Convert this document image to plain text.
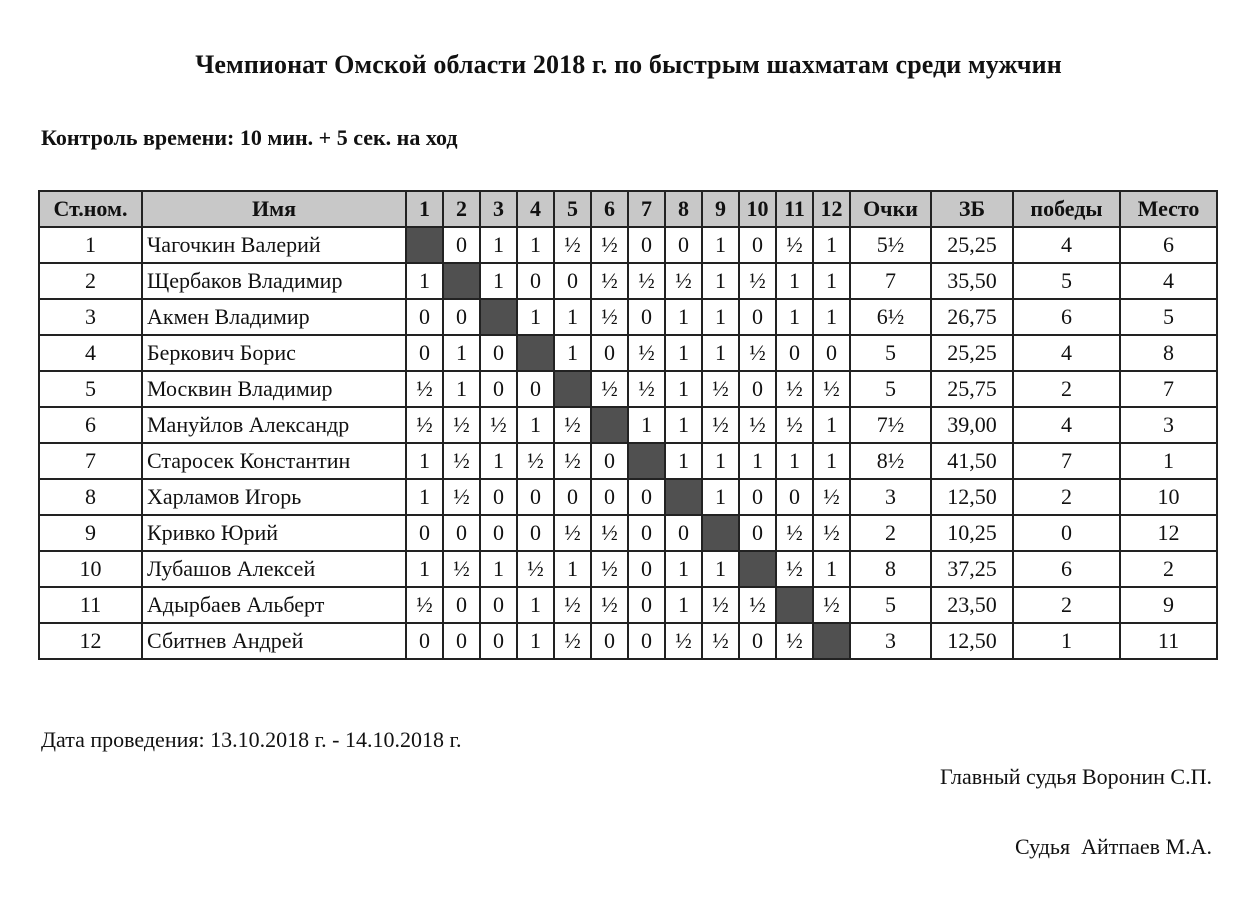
Чемпионат Омской области 2018 г. по быстрым шахматам среди мужчин
Контроль времени: 10 мин. + 5 сек. на ход
Ст.ном.	Имя	1	2	3	4	5	6	7	8	9	10	11	12	Очки	ЗБ	победы	Место
1	Чагочкин Валерий		0	1	1	½	½	0	0	1	0	½	1	5½	25,25	4	6
2	Щербаков Владимир	1		1	0	0	½	½	½	1	½	1	1	7	35,50	5	4
3	Акмен Владимир	0	0		1	1	½	0	1	1	0	1	1	6½	26,75	6	5
4	Беркович Борис	0	1	0		1	0	½	1	1	½	0	0	5	25,25	4	8
5	Москвин Владимир	½	1	0	0		½	½	1	½	0	½	½	5	25,75	2	7
6	Мануйлов Александр	½	½	½	1	½		1	1	½	½	½	1	7½	39,00	4	3
7	Старосек Константин	1	½	1	½	½	0		1	1	1	1	1	8½	41,50	7	1
8	Харламов Игорь	1	½	0	0	0	0	0		1	0	0	½	3	12,50	2	10
9	Кривко Юрий	0	0	0	0	½	½	0	0		0	½	½	2	10,25	0	12
10	Лубашов Алексей	1	½	1	½	1	½	0	1	1		½	1	8	37,25	6	2
11	Адырбаев Альберт	½	0	0	1	½	½	0	1	½	½		½	5	23,50	2	9
12	Сбитнев Андрей	0	0	0	1	½	0	0	½	½	0	½		3	12,50	1	11
Дата проведения: 13.10.2018 г. - 14.10.2018 г.
Главный судья Воронин С.П.
Судья  Айтпаев М.А.
